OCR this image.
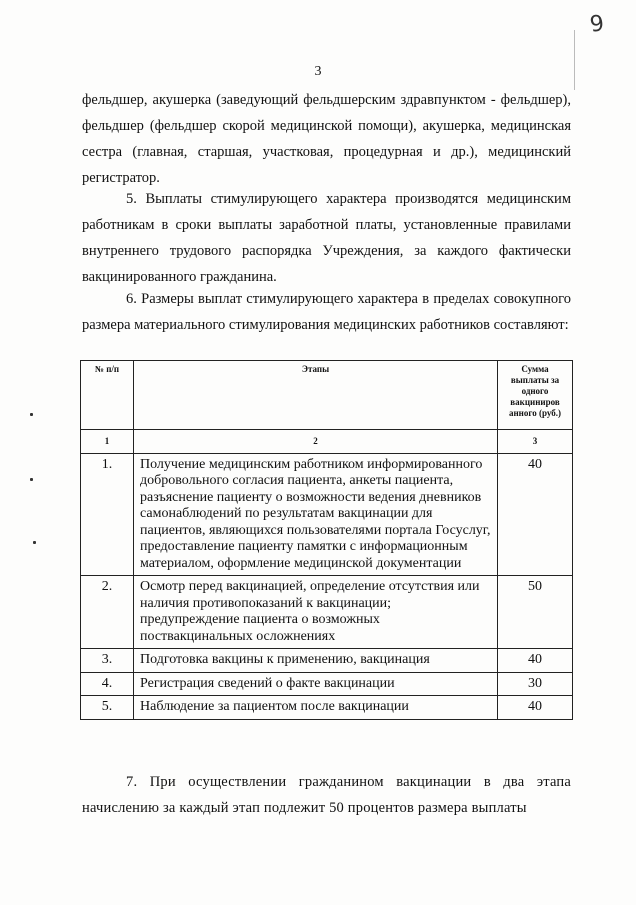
9
3
фельдшер, акушерка (заведующий фельдшерским здравпунктом - фельдшер), фельдшер (фельдшер скорой медицинской помощи), акушерка, медицинская сестра (главная, старшая, участковая, процедурная и др.), медицинский регистратор.
5. Выплаты стимулирующего характера производятся медицинским работникам в сроки выплаты заработной платы, установленные правилами внутреннего трудового распорядка Учреждения, за каждого фактически вакцинированного гражданина.
6. Размеры выплат стимулирующего характера в пределах совокупного размера материального стимулирования медицинских работников составляют:
№ п/п	Этапы	Сумма выплаты за одного вакциниров анного (руб.)
1	2	3
1.	Получение медицинским работником информированного добровольного согласия пациента, анкеты пациента, разъяснение пациенту о возможности ведения дневников самонаблюдений по результатам вакцинации для пациентов, являющихся пользователями портала Госуслуг, предоставление пациенту памятки с информационным материалом, оформление медицинской документации	40
2.	Осмотр перед вакцинацией, определение отсутствия или наличия противопоказаний к вакцинации; предупреждение пациента о возможных поствакцинальных осложнениях	50
3.	Подготовка вакцины к применению, вакцинация	40
4.	Регистрация сведений о факте вакцинации	30
5.	Наблюдение за пациентом после вакцинации	40
7. При осуществлении гражданином вакцинации в два этапа начислению за каждый этап подлежит 50 процентов размера выплаты
